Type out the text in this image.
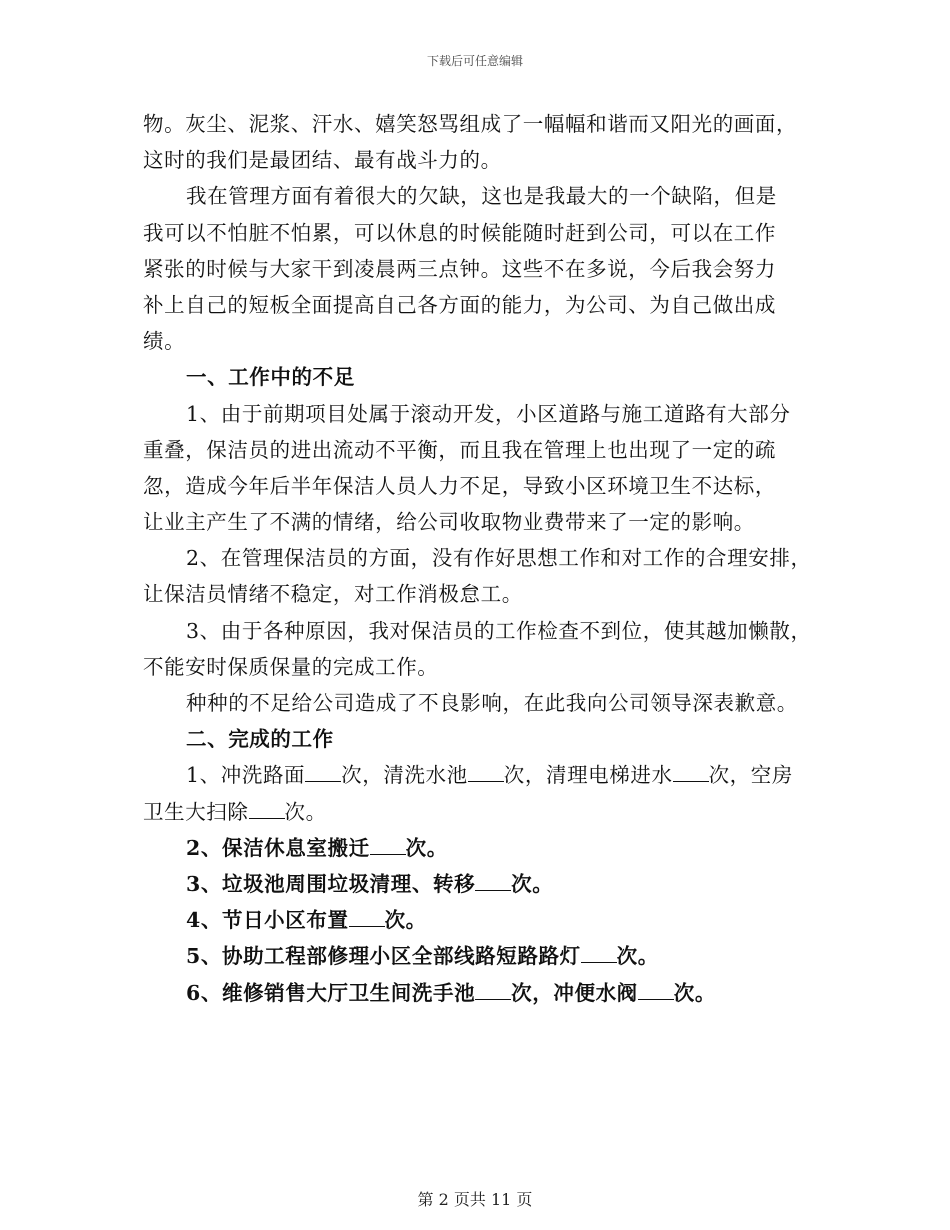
下载后可任意编辑
物。灰尘、泥浆、汗水、嬉笑怒骂组成了一幅幅和谐而又阳光的画面，
这时的我们是最团结、最有战斗力的。
我在管理方面有着很大的欠缺，这也是我最大的一个缺陷，但是
我可以不怕脏不怕累，可以休息的时候能随时赶到公司，可以在工作
紧张的时候与大家干到凌晨两三点钟。这些不在多说，今后我会努力
补上自己的短板全面提高自己各方面的能力，为公司、为自己做出成
绩。
一、工作中的不足
1、由于前期项目处属于滚动开发，小区道路与施工道路有大部分
重叠，保洁员的进出流动不平衡，而且我在管理上也出现了一定的疏
忽，造成今年后半年保洁人员人力不足，导致小区环境卫生不达标，
让业主产生了不满的情绪，给公司收取物业费带来了一定的影响。
2、在管理保洁员的方面，没有作好思想工作和对工作的合理安排，
让保洁员情绪不稳定，对工作消极怠工。
3、由于各种原因，我对保洁员的工作检查不到位，使其越加懒散，
不能安时保质保量的完成工作。
种种的不足给公司造成了不良影响，在此我向公司领导深表歉意。
二、完成的工作
1、冲洗路面 次，清洗水池 次，清理电梯进水 次，空房
卫生大扫除 次。
2、保洁休息室搬迁 次。
3、垃圾池周围垃圾清理、转移 次。
4、节日小区布置 次。
5、协助工程部修理小区全部线路短路路灯 次。
6、维修销售大厅卫生间洗手池 次，冲便水阀 次。
第 2 页共 11 页
